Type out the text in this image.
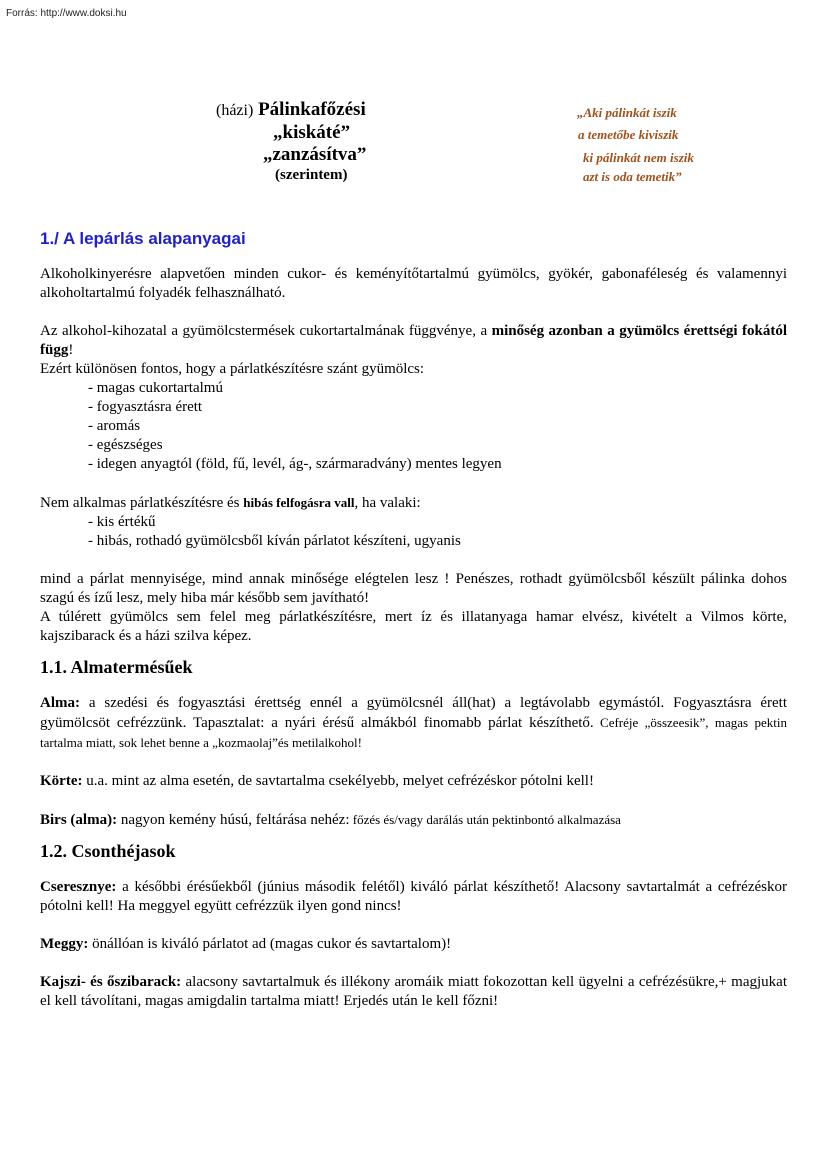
Forrás: http://www.doksi.hu
(házi) Pálinkafőzési
„kiskáté”
„zanzásítva”
(szerintem)
„Aki pálinkát iszik
a temetőbe kiviszik
ki pálinkát nem iszik
azt is oda temetik”
1./ A lepárlás alapanyagai

Alkoholkinyerésre alapvetően minden cukor- és keményítőtartalmú gyümölcs, gyökér, gabonaféleség és valamennyi alkoholtartalmú folyadék felhasználható.

Az alkohol-kihozatal a gyümölcstermések cukortartalmának függvénye, a minőség azonban a gyümölcs érettségi fokától függ!

Ezért különösen fontos, hogy a párlatkészítésre szánt gyümölcs:

- magas cukortartalmú
- fogyasztásra érett
- aromás
- egészséges
- idegen anyagtól (föld, fű, levél, ág-, szármaradvány) mentes legyen

Nem alkalmas párlatkészítésre és hibás felfogásra vall, ha valaki:

- kis értékű
- hibás, rothadó gyümölcsből kíván párlatot készíteni, ugyanis

mind a párlat mennyisége, mind annak minősége elégtelen lesz ! Penészes, rothadt gyümölcsből készült pálinka dohos szagú és ízű lesz, mely hiba már később sem javítható!

A túlérett gyümölcs sem felel meg párlatkészítésre, mert íz és illatanyaga hamar elvész, kivételt a Vilmos körte, kajszibarack és a házi szilva képez.

1.1. Almatermésűek

Alma: a szedési és fogyasztási érettség ennél a gyümölcsnél áll(hat) a legtávolabb egymástól. Fogyasztásra érett gyümölcsöt cefrézzünk. Tapasztalat: a nyári érésű almákból finomabb párlat készíthető. Cefréje „összeesik”, magas pektin tartalma miatt, sok lehet benne a „kozmaolaj”és metilalkohol!

Körte: u.a. mint az alma esetén, de savtartalma csekélyebb, melyet cefrézéskor pótolni kell!

Birs (alma): nagyon kemény húsú, feltárása nehéz: főzés és/vagy darálás után pektinbontó alkalmazása

1.2. Csonthéjasok

Cseresznye: a későbbi érésűekből (június második felétől) kiváló párlat készíthető! Alacsony savtartalmát a cefrézéskor pótolni kell! Ha meggyel együtt cefrézzük ilyen gond nincs!

Meggy: önállóan is kiváló párlatot ad (magas cukor és savtartalom)!

Kajszi- és őszibarack: alacsony savtartalmuk és illékony aromáik miatt fokozottan kell ügyelni a cefrézésükre,+ magjukat el kell távolítani, magas amigdalin tartalma miatt! Erjedés után le kell főzni!
